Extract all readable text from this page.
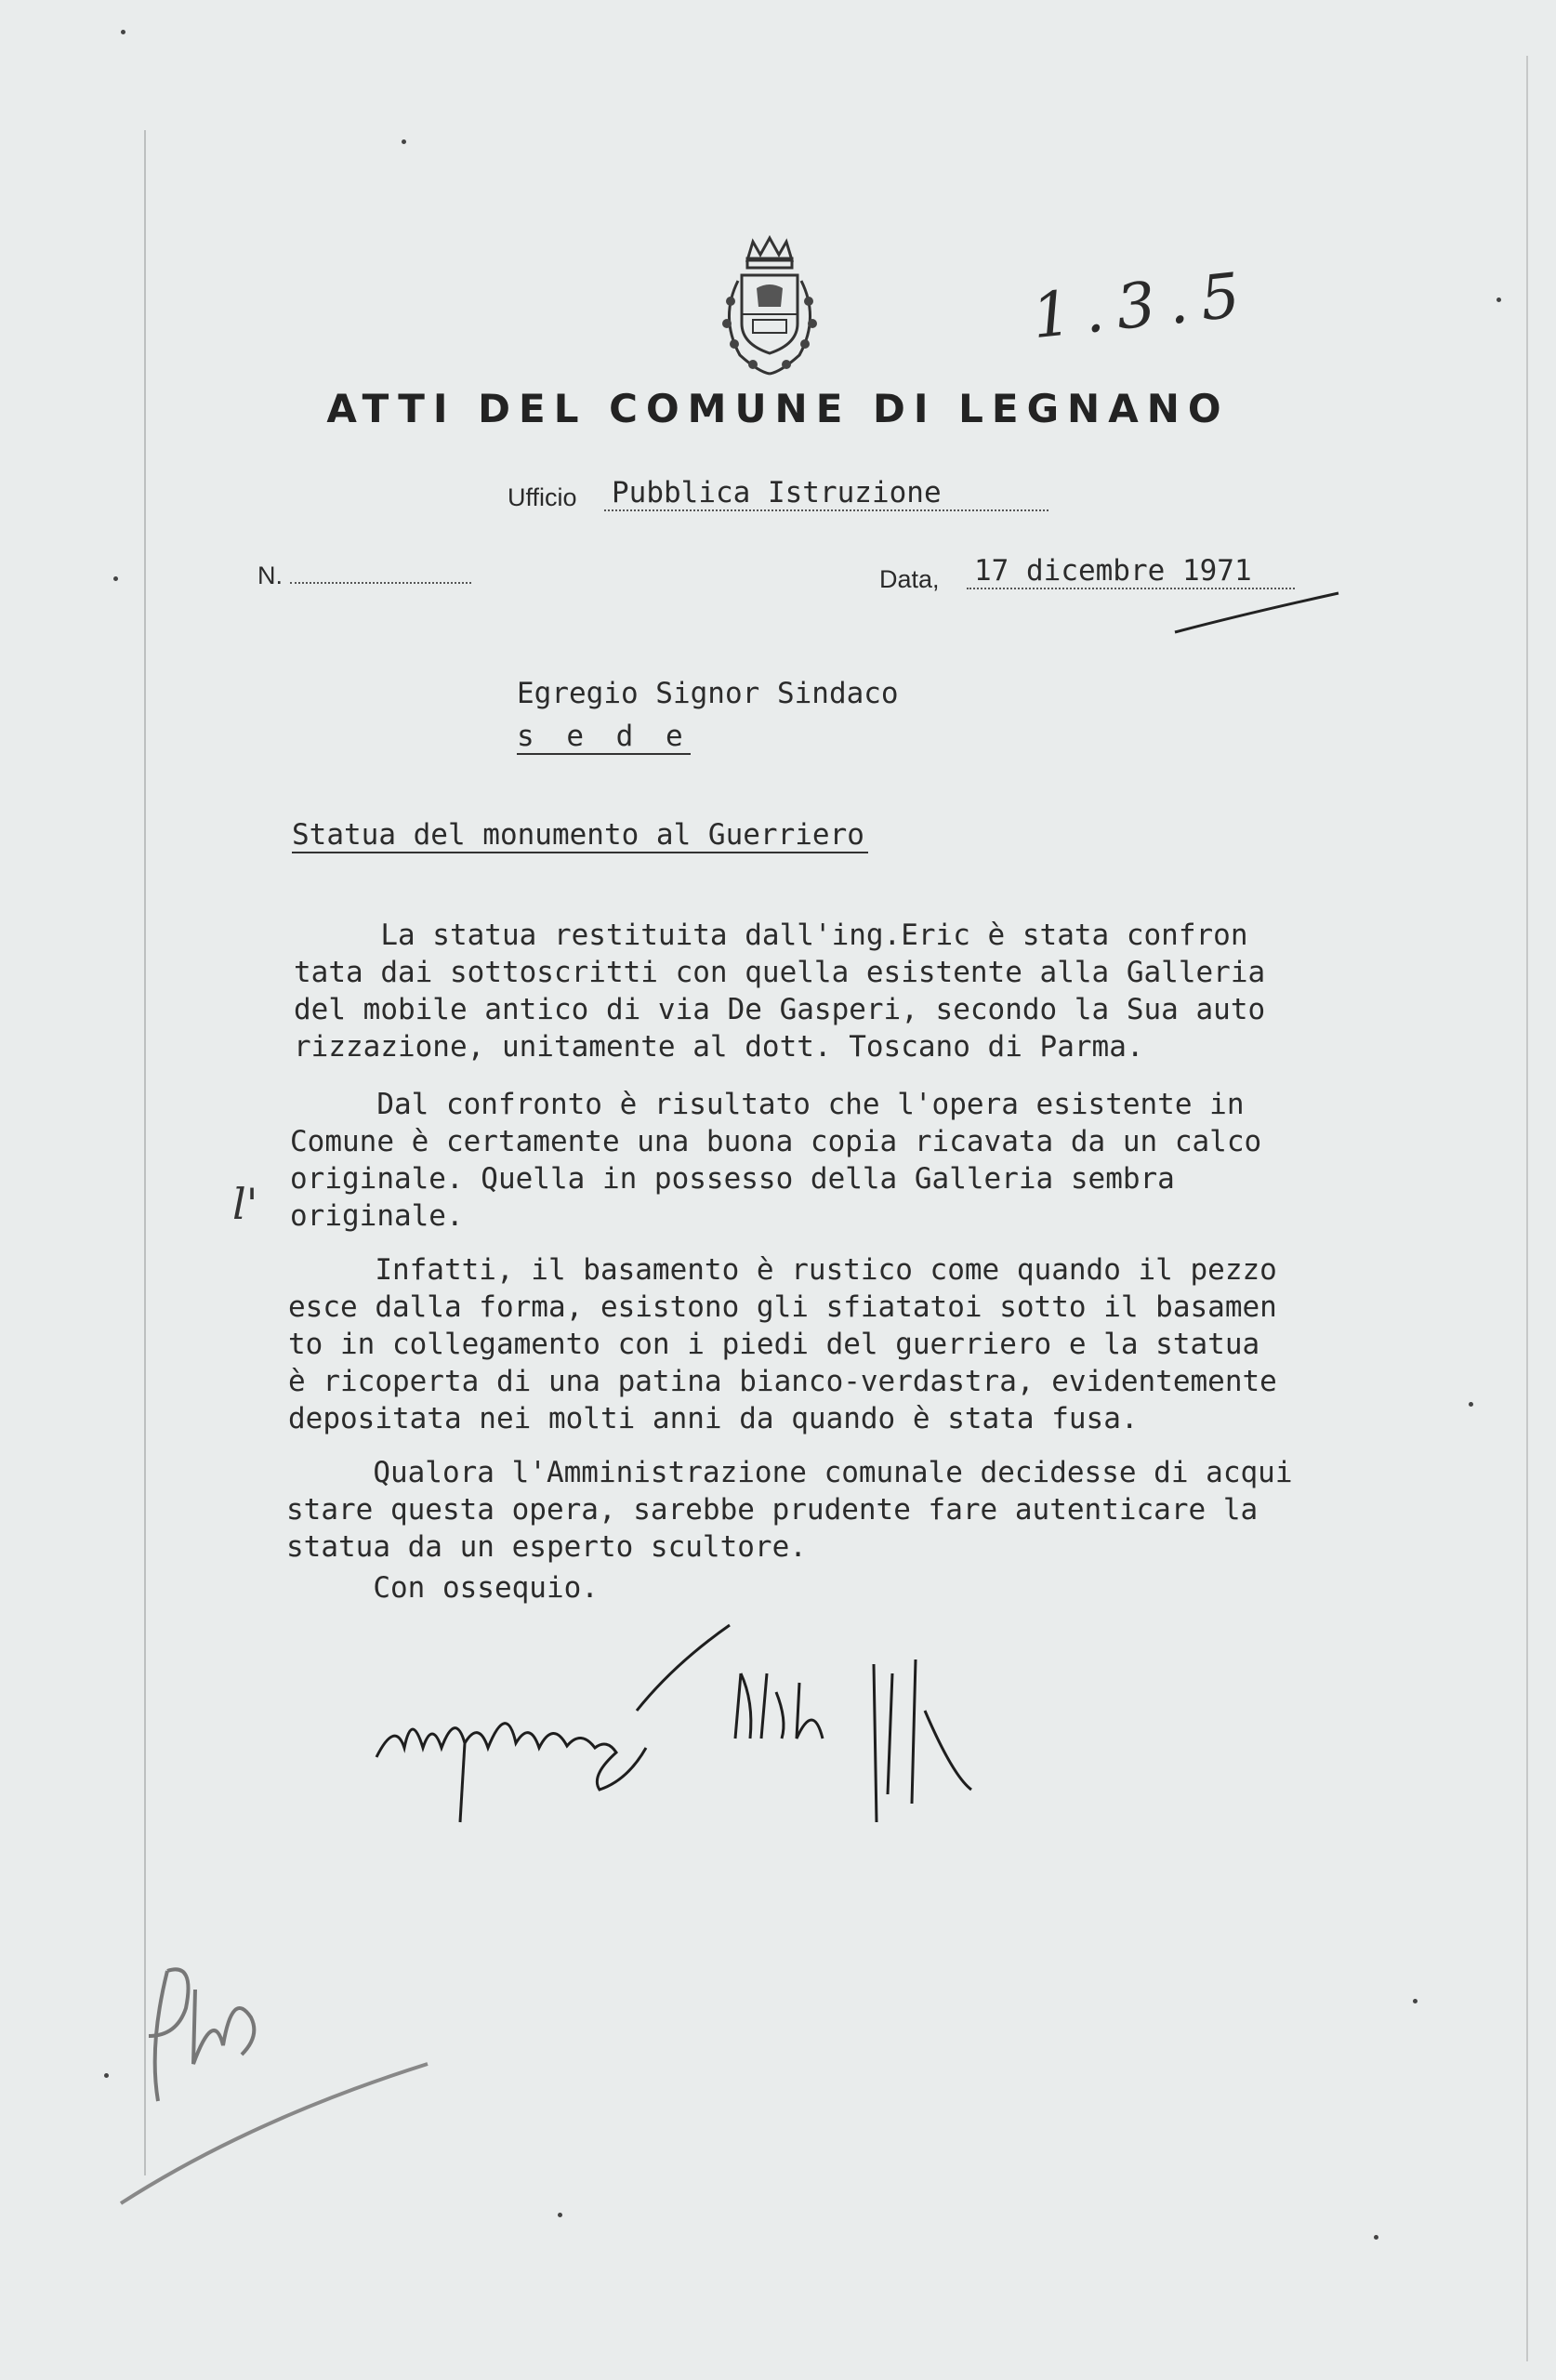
1.3.5
ATTI DEL COMUNE DI LEGNANO
Ufficio Pubblica Istruzione
N.	Data, 17 dicembre 1971
Egregio Signor Sindaco
s e d e
Statua del monumento al Guerriero
La statua restituita dall'ing.Eric è stata confron
tata dai sottoscritti con quella esistente alla Galleria
del mobile antico di via De Gasperi, secondo la Sua auto
rizzazione, unitamente al dott. Toscano di Parma.
Dal confronto è risultato che l'opera esistente in
Comune è certamente una buona copia ricavata da un calco
originale. Quella in possesso della Galleria sembra
originale.
l'
Infatti, il basamento è rustico come quando il pezzo
esce dalla forma, esistono gli sfiatatoi sotto il basamen
to in collegamento con i piedi del guerriero e la statua
è ricoperta di una patina bianco-verdastra, evidentemente
depositata nei molti anni da quando è stata fusa.
Qualora l'Amministrazione comunale decidesse di acqui
stare questa opera, sarebbe prudente fare autenticare la
statua da un esperto scultore.
Con ossequio.
